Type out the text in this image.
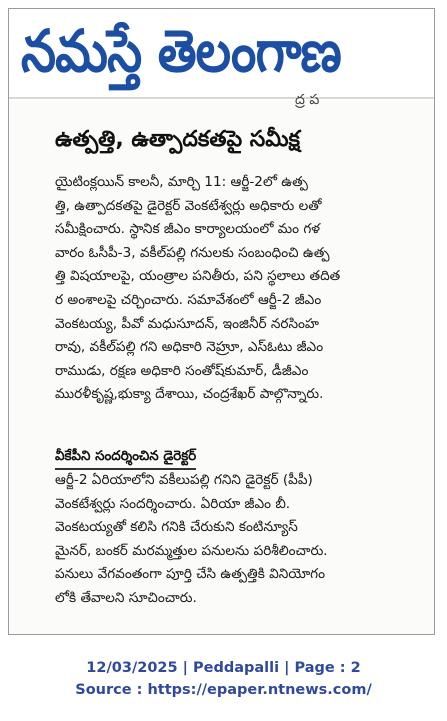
నమస్తే తెలంగాణ
ద్ర ప
ఉత్పత్తి, ఉత్పాదకతపై సమీక్ష
యైటింక్లయిన్ కాలనీ, మార్చి 11: ఆర్జీ-2లో ఉత్ప
త్తి, ఉత్పాదకతపై డైరెక్టర్ వెంకటేశ్వర్లు అధికారు లతో
సమీక్షించారు. స్థానిక జీఎం కార్యాలయంలో మం గళ
వారం ఓసీపీ-3, వకీల్‌పల్లి గనులకు సంబంధించి ఉత్ప
త్తి విషయాలపై, యంత్రాల పనితీరు, పని స్థలాలు తదిత
ర అంశాలపై చర్చించారు. సమావేశంలో ఆర్జీ-2 జీఎం
వెంకటయ్య, పీవో మధుసూదన్, ఇంజినీర్ నరసింహ
రావు, వకీల్‌పల్లి గని అధికారి నెహ్రూ, ఎస్‌ఓటు జీఎం
రాముడు, రక్షణ అధికారి సంతోష్‌కుమార్, డీజీఎం
మురళీకృష్ణ,భుక్యా దేశాయి, చంద్రశేఖర్ పాల్గొన్నారు.
వీకేపీని సందర్శించిన డైరెక్టర్
ఆర్జీ-2 ఏరియాలోని వకీలుపల్లి గనిని డైరెక్టర్ (పీపీ)
వెంకటేశ్వర్లు సందర్శించారు. ఏరియా జీఎం బీ.
వెంకటయ్యతో కలిసి గనికి చేరుకుని కంటిన్యూస్
మైనర్, బంకర్ మరమ్మత్తుల పనులను పరిశీలించారు.
పనులు వేగవంతంగా పూర్తి చేసి ఉత్పత్తికి వినియోగం
లోకి తేవాలని సూచించారు.
12/03/2025 | Peddapalli | Page : 2
Source : https://epaper.ntnews.com/
